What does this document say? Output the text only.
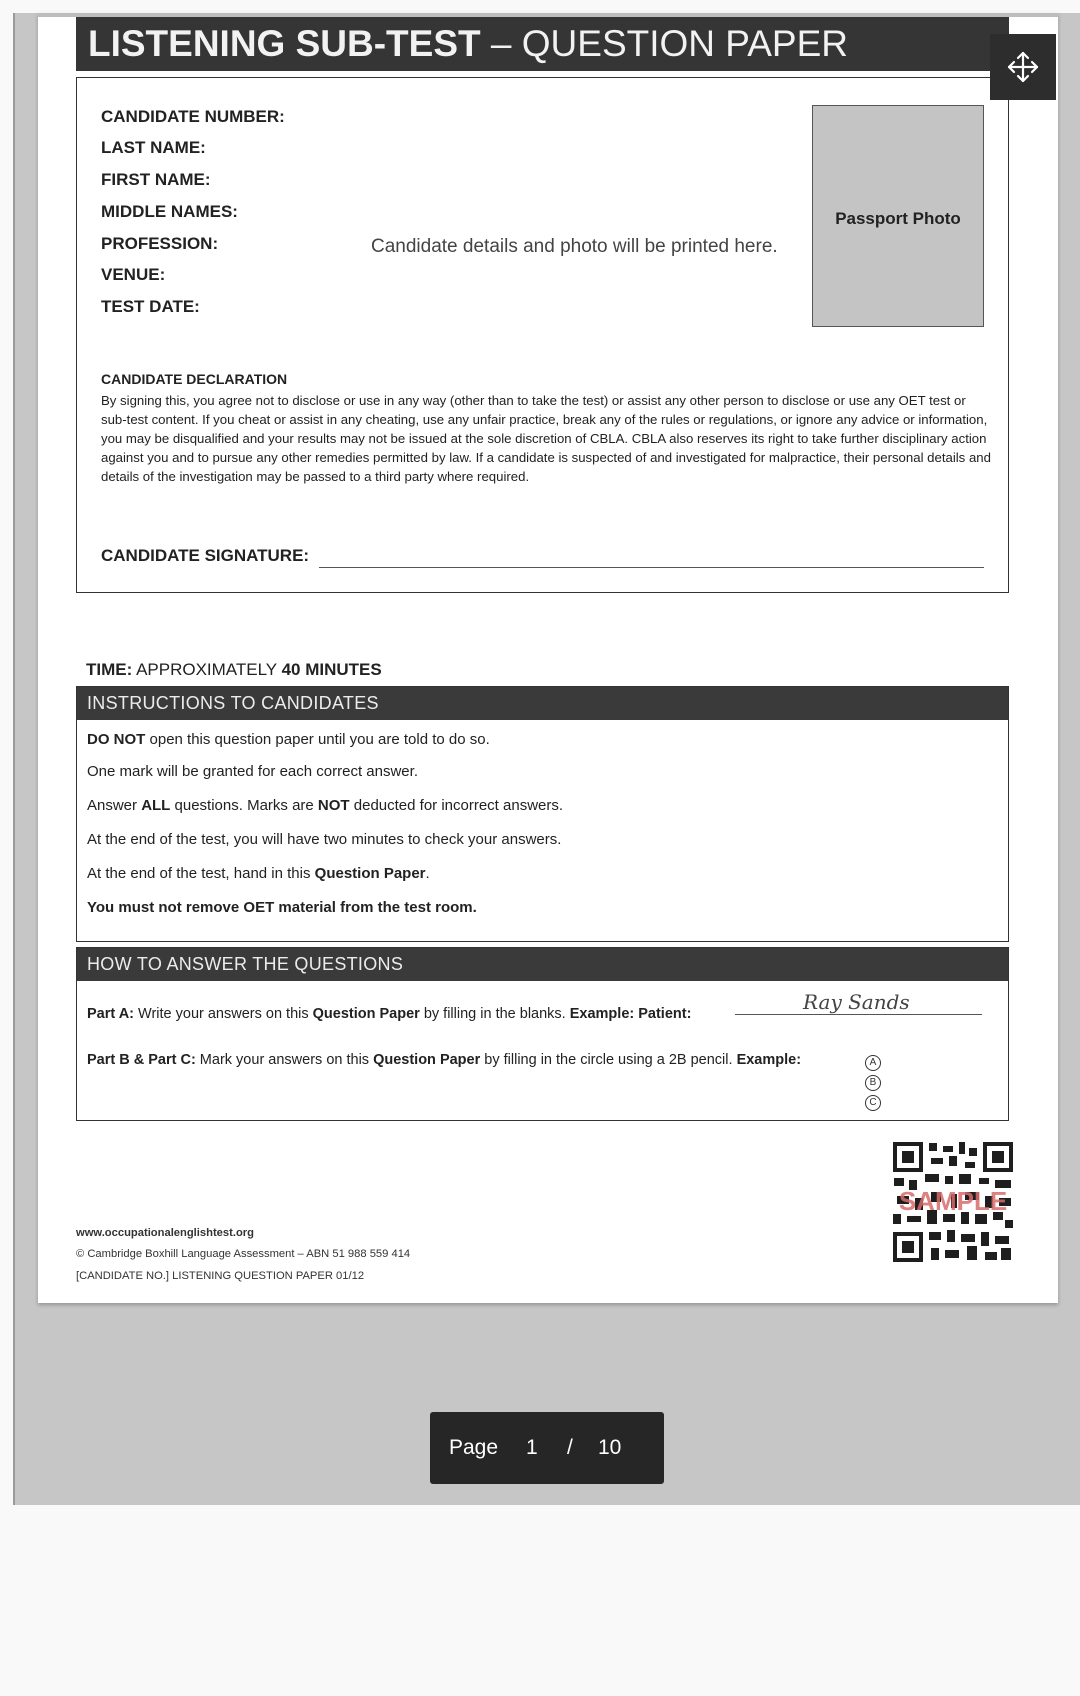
LISTENING SUB-TEST – QUESTION PAPER
CANDIDATE NUMBER:
LAST NAME:
FIRST NAME:
MIDDLE NAMES:
PROFESSION:
VENUE:
TEST DATE:
Candidate details and photo will be printed here.
Passport Photo
CANDIDATE DECLARATION
By signing this, you agree not to disclose or use in any way (other than to take the test) or assist any other person to disclose or use any OET test or sub-test content. If you cheat or assist in any cheating, use any unfair practice, break any of the rules or regulations, or ignore any advice or information, you may be disqualified and your results may not be issued at the sole discretion of CBLA. CBLA also reserves its right to take further disciplinary action against you and to pursue any other remedies permitted by law. If a candidate is suspected of and investigated for malpractice, their personal details and details of the investigation may be passed to a third party where required.
CANDIDATE SIGNATURE:
TIME: APPROXIMATELY 40 MINUTES
INSTRUCTIONS TO CANDIDATES
DO NOT open this question paper until you are told to do so.
One mark will be granted for each correct answer.
Answer ALL questions. Marks are NOT deducted for incorrect answers.
At the end of the test, you will have two minutes to check your answers.
At the end of the test, hand in this Question Paper.
You must not remove OET material from the test room.
HOW TO ANSWER THE QUESTIONS
Part A: Write your answers on this Question Paper by filling in the blanks. Example: Patient:	Ray Sands
Part B & Part C: Mark your answers on this Question Paper by filling in the circle using a 2B pencil. Example:	A
B
C
SAMPLE
www.occupationalenglishtest.org
© Cambridge Boxhill Language Assessment – ABN 51 988 559 414
[CANDIDATE NO.] LISTENING QUESTION PAPER 01/12
Page 1 / 10
